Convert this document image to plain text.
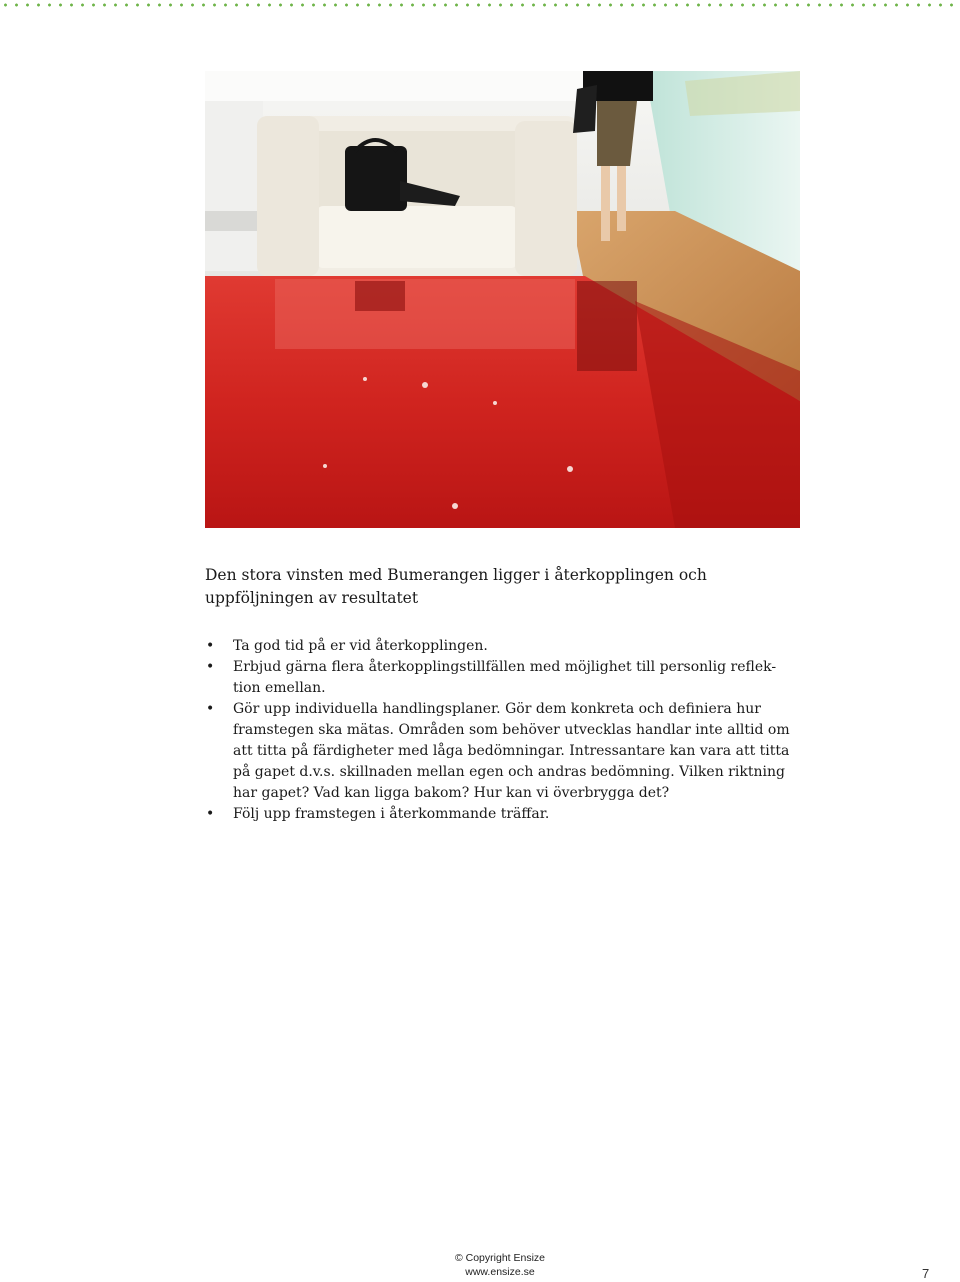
Den stora vinsten med Bumerangen ligger i återkopplingen och
uppföljningen av resultatet
• Ta god tid på er vid återkopplingen.
• Erbjud gärna flera återkopplingstillfällen med möjlighet till personlig reflek-
tion emellan.
• Gör upp individuella handlingsplaner. Gör dem konkreta och definiera hur
framstegen ska mätas. Områden som behöver utvecklas handlar inte alltid om
att titta på färdigheter med låga bedömningar. Intressantare kan vara att titta
på gapet d.v.s. skillnaden mellan egen och andras bedömning. Vilken riktning
har gapet? Vad kan ligga bakom? Hur kan vi överbrygga det?
• Följ upp framstegen i återkommande träffar.
© Copyright Ensize
www.ensize.se	7
